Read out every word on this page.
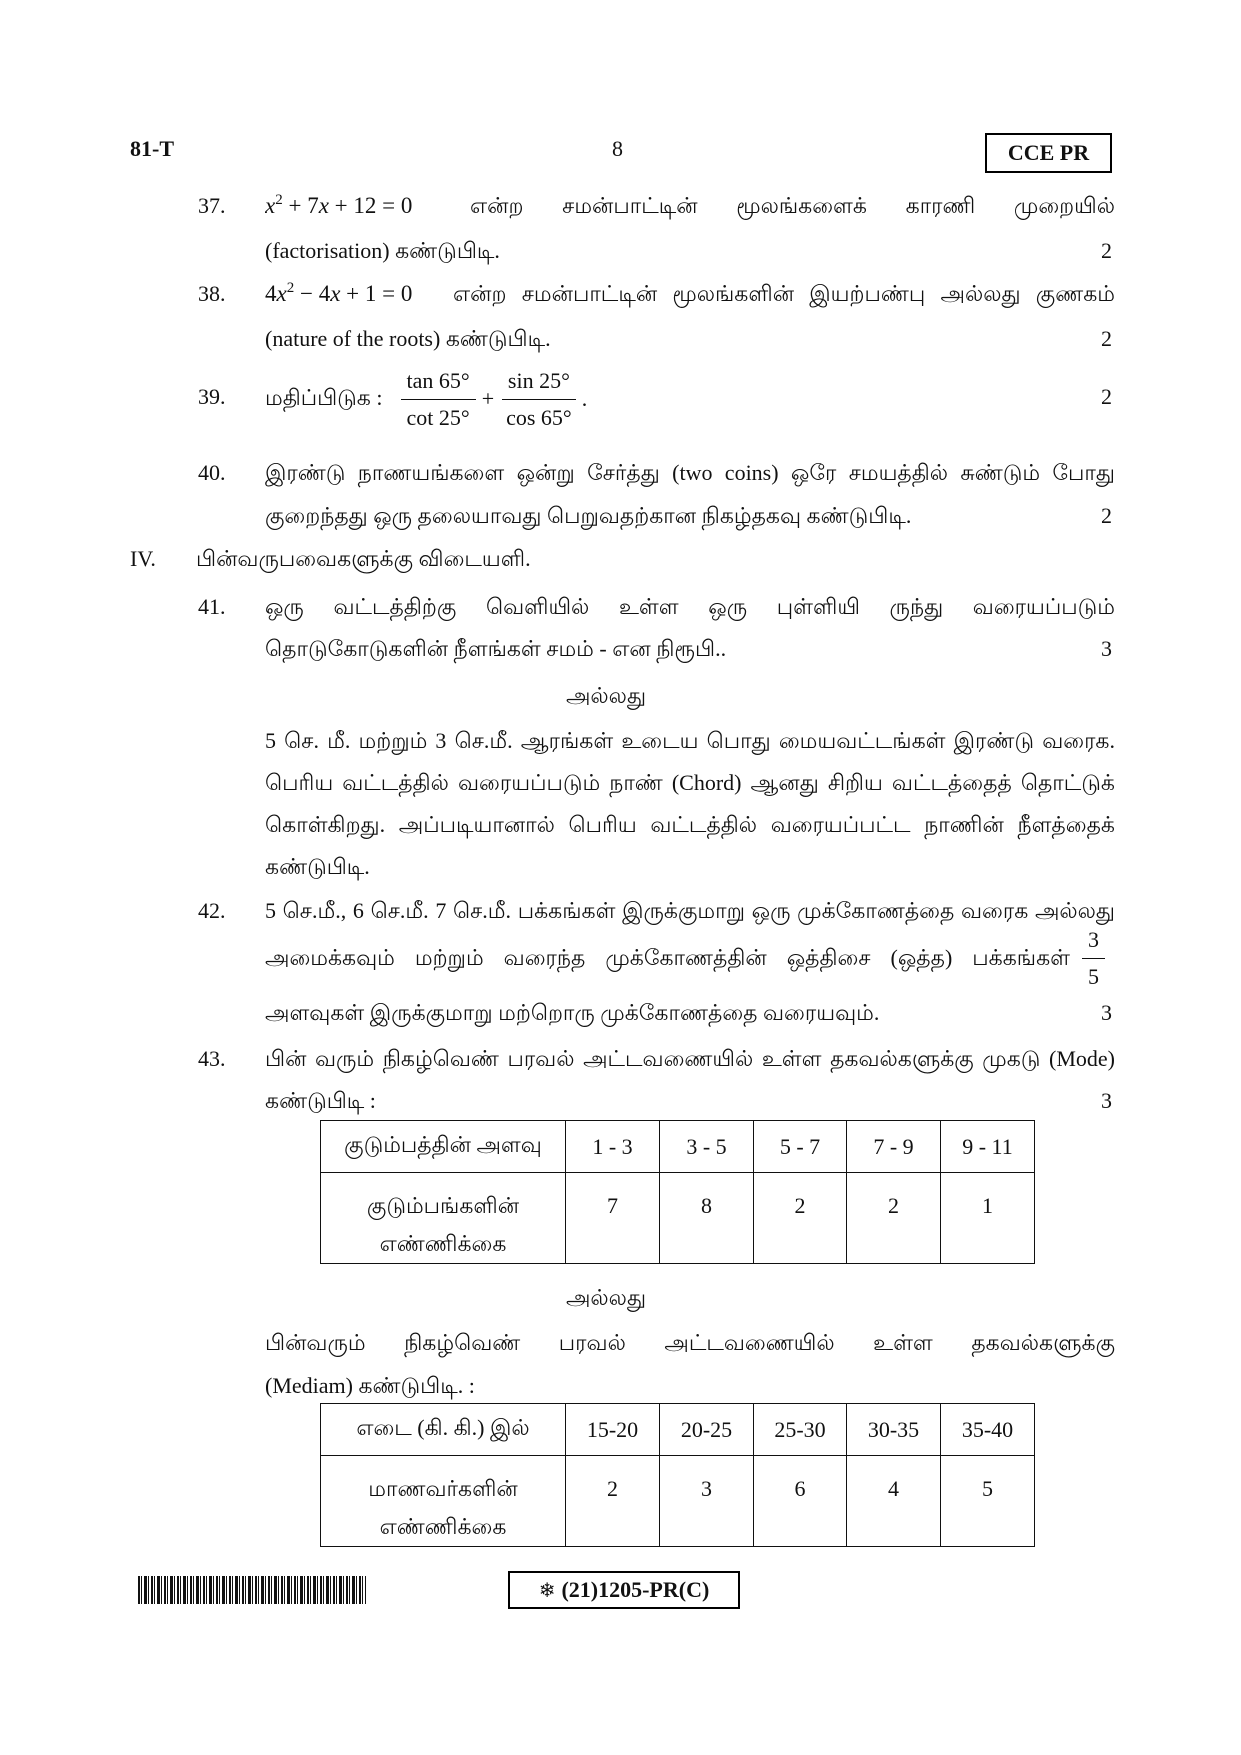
81-T	8	CCE PR
37.	$x^2 + 7x + 12 = 0$	என்ற சமன்பாட்டின் மூலங்களைக் காரணி முறையில்
(factorisation) கண்டுபிடி.	2
38.	$4x^2 - 4x + 1 = 0$	என்ற சமன்பாட்டின் மூலங்களின் இயற்பண்பு அல்லது குணகம்
(nature of the roots) கண்டுபிடி.	2
39.	மதிப்பிடுக : $\frac{\tan 65^\circ}{\cot 25^\circ} + \frac{\sin 25^\circ}{\cos 65^\circ}$ .	2
40.	இரண்டு நாணயங்களை ஒன்று சேர்த்து (two coins) ஒரே சமயத்தில் சுண்டும் போது
குறைந்தது ஒரு தலையாவது பெறுவதற்கான நிகழ்தகவு கண்டுபிடி.	2
IV. பின்வருபவைகளுக்கு விடையளி.
41.	ஒரு வட்டத்திற்கு வெளியில் உள்ள ஒரு புள்ளியி ருந்து வரையப்படும்
தொடுகோடுகளின் நீளங்கள் சமம் - என நிரூபி..	3
அல்லது
5 செ. மீ. மற்றும் 3 செ.மீ. ஆரங்கள் உடைய பொது மையவட்டங்கள் இரண்டு வரைக.
பெரிய வட்டத்தில் வரையப்படும் நாண் (Chord) ஆனது சிறிய வட்டத்தைத் தொட்டுக்
கொள்கிறது. அப்படியானால் பெரிய வட்டத்தில் வரையப்பட்ட நாணின் நீளத்தைக்
கண்டுபிடி.
42.	5 செ.மீ., 6 செ.மீ. 7 செ.மீ. பக்கங்கள் இருக்குமாறு ஒரு முக்கோணத்தை வரைக அல்லது
அமைக்கவும் மற்றும் வரைந்த முக்கோணத்தின் ஒத்திசை (ஒத்த) பக்கங்கள் $\frac{3}{5}$
அளவுகள் இருக்குமாறு மற்றொரு முக்கோணத்தை வரையவும்.	3
43.	பின் வரும் நிகழ்வெண் பரவல் அட்டவணையில் உள்ள தகவல்களுக்கு முகடு (Mode)
கண்டுபிடி :	3
குடும்பத்தின் அளவு	1 - 3	3 - 5	5 - 7	7 - 9	9 - 11

குடும்பங்களின்
எண்ணிக்கை	7	8	2	2	1
அல்லது
பின்வரும் நிகழ்வெண் பரவல் அட்டவணையில் உள்ள தகவல்களுக்கு
(Mediam) கண்டுபிடி. :
எடை (கி. கி.) இல்	15-20	20-25	25-30	30-35	35-40

மாணவர்களின்
எண்ணிக்கை	2	3	6	4	5
❄ (21)1205-PR(C)
